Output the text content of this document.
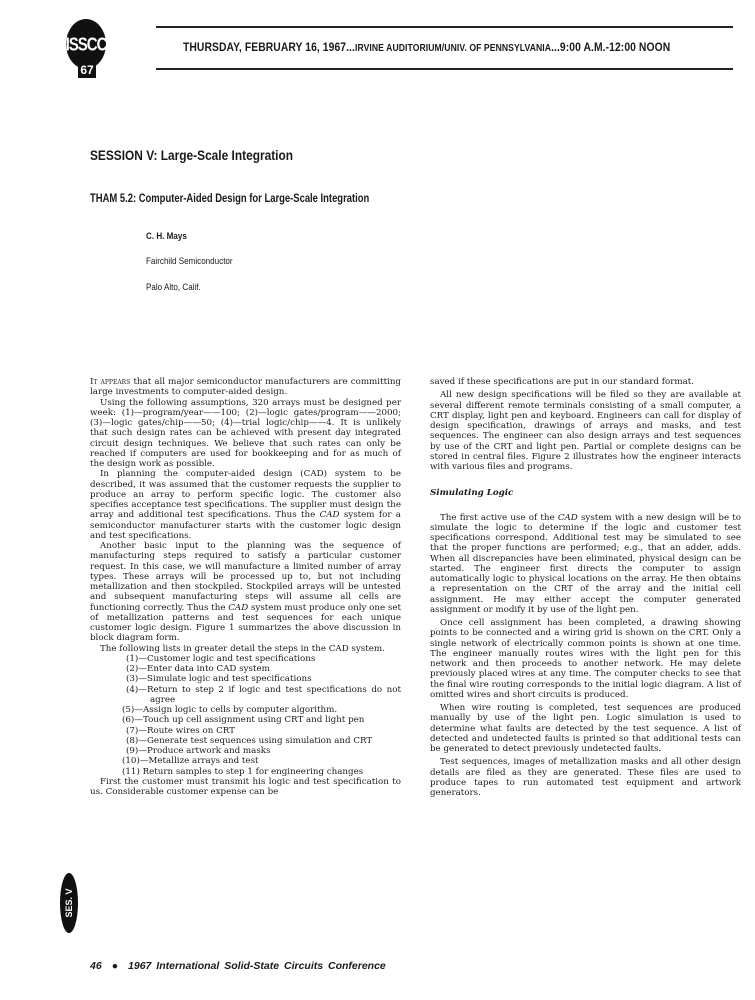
ISSCC
67
THURSDAY, FEBRUARY 16, 1967...IRVINE AUDITORIUM/UNIV. OF PENNSYLVANIA...9:00 A.M.-12:00 NOON
SESSION V: Large-Scale Integration
THAM 5.2: Computer-Aided Design for Large-Scale Integration
C. H. Mays
Fairchild Semiconductor
Palo Alto, Calif.

It appears that all major semiconductor manufacturers are committing large investments to computer-aided design.

Using the following assumptions, 320 arrays must be designed per week: (1)—program/year——100; (2)—logic gates/program——2000; (3)—logic gates/chip——50; (4)—trial logic/chip——4. It is unlikely that such design rates can be achieved with present day integrated circuit design techniques. We believe that such rates can only be reached if computers are used for bookkeeping and for as much of the design work as possible.

In planning the computer-aided design (CAD) system to be described, it was assumed that the customer requests the supplier to produce an array to perform specific logic. The customer also specifies acceptance test specifications. The supplier must design the array and additional test specifications. Thus the CAD system for a semiconductor manufacturer starts with the customer logic design and test specifications.

Another basic input to the planning was the sequence of manufacturing steps required to satisfy a particular customer request. In this case, we will manufacture a limited number of array types. These arrays will be processed up to, but not including metallization and then stockpiled. Stockpiled arrays will be untested and subsequent manufacturing steps will assume all cells are functioning correctly. Thus the CAD system must produce only one set of metallization patterns and test sequences for each unique customer logic design. Figure 1 summarizes the above discussion in block diagram form.

The following lists in greater detail the steps in the CAD system.

(1)—Customer logic and test specifications
(2)—Enter data into CAD system
(3)—Simulate logic and test specifications
(4)—Return to step 2 if logic and test specifications do not agree
(5)—Assign logic to cells by computer algorithm.
(6)—Touch up cell assignment using CRT and light pen
(7)—Route wires on CRT
(8)—Generate test sequences using simulation and CRT
(9)—Produce artwork and masks
(10)—Metallize arrays and test
(11) Return samples to step 1 for engineering changes

First the customer must transmit his logic and test specification to us. Considerable customer expense can be

saved if these specifications are put in our standard format.

All new design specifications will be filed so they are available at several different remote terminals consisting of a small computer, a CRT display, light pen and keyboard. Engineers can call for display of design specification, drawings of arrays and masks, and test sequences. The engineer can also design arrays and test sequences by use of the CRT and light pen. Partial or complete designs can be stored in central files. Figure 2 illustrates how the engineer interacts with various files and programs.

Simulating Logic

The first active use of the CAD system with a new design will be to simulate the logic to determine if the logic and customer test specifications correspond. Additional test may be simulated to see that the proper functions are performed; e.g., that an adder, adds. When all discrepancies have been eliminated, physical design can be started. The engineer first directs the computer to assign automatically logic to physical locations on the array. He then obtains a representation on the CRT of the array and the initial cell assignment. He may either accept the computer generated assignment or modify it by use of the light pen.

Once cell assignment has been completed, a drawing showing points to be connected and a wiring grid is shown on the CRT. Only a single network of electrically common points is shown at one time. The engineer manually routes wires with the light pen for this network and then proceeds to another network. He may delete previously placed wires at any time. The computer checks to see that the final wire routing corresponds to the initial logic diagram. A list of omitted wires and short circuits is produced.

When wire routing is completed, test sequences are produced manually by use of the light pen. Logic simulation is used to determine what faults are detected by the test sequence. A list of detected and undetected faults is printed so that additional tests can be generated to detect previously undetected faults.

Test sequences, images of metallization masks and all other design details are filed as they are generated. These files are used to produce tapes to run automated test equipment and artwork generators.

SES. V
46 ● 1967 International Solid-State Circuits Conference
